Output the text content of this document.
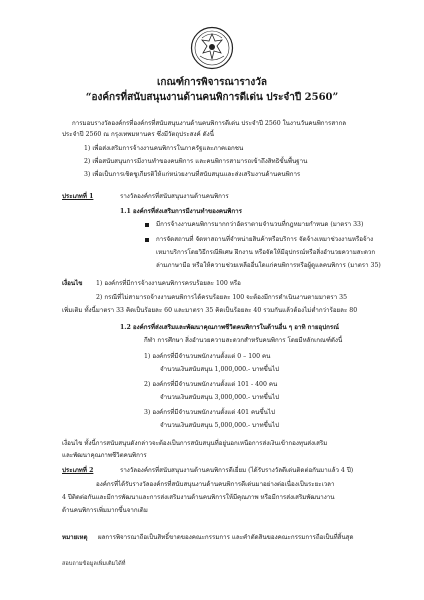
เกณฑ์การพิจารณารางวัล
“องค์กรที่สนับสนุนงานด้านคนพิการดีเด่น ประจำปี 2560”
การมอบรางวัลองค์กรที่องค์กรที่สนับสนุนงานด้านคนพิการดีเด่น ประจำปี 2560 ในงานวันคนพิการสากล
ประจำปี 2560 ณ กรุงเทพมหานคร ซึ่งมีวัตถุประสงค์ ดังนี้
1) เพื่อส่งเสริมการจ้างงานคนพิการในภาครัฐและภาคเอกชน
2) เพื่อสนับสนุนการมีงานทำของคนพิการ และคนพิการสามารถเข้าถึงสิทธิขั้นพื้นฐาน
3) เพื่อเป็นการเชิดชูเกียรติให้แก่หน่วยงานที่สนับสนุนและส่งเสริมงานด้านคนพิการ
ประเภทที่ 1	รางวัลองค์กรที่สนับสนุนงานด้านคนพิการ
1.1 องค์กรที่ส่งเสริมการมีงานทำของคนพิการ
มีการจ้างงานคนพิการมากกว่าอัตราตามจำนวนที่กฎหมายกำหนด (มาตรา 33)
การจัดสถานที่ จัดหาสถานที่จำหน่ายสินค้าหรือบริการ จัดจ้างเหมาช่วงงานหรือจ้าง
เหมาบริการโดยวิธีกรณีพิเศษ ฝึกงาน หรือจัดให้มีอุปกรณ์หรือสิ่งอำนวยความสะดวก
ล่ามภาษามือ หรือให้ความช่วยเหลืออื่นใดแก่คนพิการหรือผู้ดูแลคนพิการ (มาตรา 35)
เงื่อนไข 1) องค์กรที่มีการจ้างงานคนพิการครบร้อยละ 100 หรือ
2) กรณีที่ไม่สามารถจ้างงานคนพิการได้ครบร้อยละ 100 จะต้องมีการดำเนินงานตามมาตรา 35
เพิ่มเติม ทั้งนี้มาตรา 33 คิดเป็นร้อยละ 60 และมาตรา 35 คิดเป็นร้อยละ 40 รวมกันแล้วต้องไม่ต่ำกว่าร้อยละ 80
1.2 องค์กรที่ส่งเสริมและพัฒนาคุณภาพชีวิตคนพิการในด้านอื่น ๆ อาทิ กายอุปกรณ์
กีฬา การศึกษา สิ่งอำนวยความสะดวกสำหรับคนพิการ โดยมีหลักเกณฑ์ดังนี้
1) องค์กรที่มีจำนวนพนักงานตั้งแต่ 0 – 100 คน
จำนวนเงินสนับสนุน 1,000,000.- บาทขึ้นไป
2) องค์กรที่มีจำนวนพนักงานตั้งแต่ 101 - 400 คน
จำนวนเงินสนับสนุน 3,000,000.- บาทขึ้นไป
3) องค์กรที่มีจำนวนพนักงานตั้งแต่ 401 คนขึ้นไป
จำนวนเงินสนับสนุน 5,000,000.- บาทขึ้นไป
เงื่อนไข ทั้งนี้การสนับสนุนดังกล่าวจะต้องเป็นการสนับสนุนที่อยู่นอกเหนือการส่งเงินเข้ากองทุนส่งเสริม
และพัฒนาคุณภาพชีวิตคนพิการ
ประเภทที่ 2	รางวัลองค์กรที่สนับสนุนงานด้านคนพิการดีเยี่ยม (ได้รับรางวัลดีเด่นติดต่อกันมาแล้ว 4 ปี)
องค์กรที่ได้รับรางวัลองค์กรที่สนับสนุนงานด้านคนพิการดีเด่นมาอย่างต่อเนื่องเป็นระยะเวลา
4 ปีติดต่อกันและมีการพัฒนาและการส่งเสริมงานด้านคนพิการให้มีคุณภาพ หรือมีการส่งเสริมพัฒนางาน
ด้านคนพิการเพิ่มมากขึ้นจากเดิม
หมายเหตุ ผลการพิจารณาถือเป็นสิทธิ์ขาดของคณะกรรมการ และคำตัดสินของคณะกรรมการถือเป็นที่สิ้นสุด
สอบถามข้อมูลเพิ่มเติมได้ที่
